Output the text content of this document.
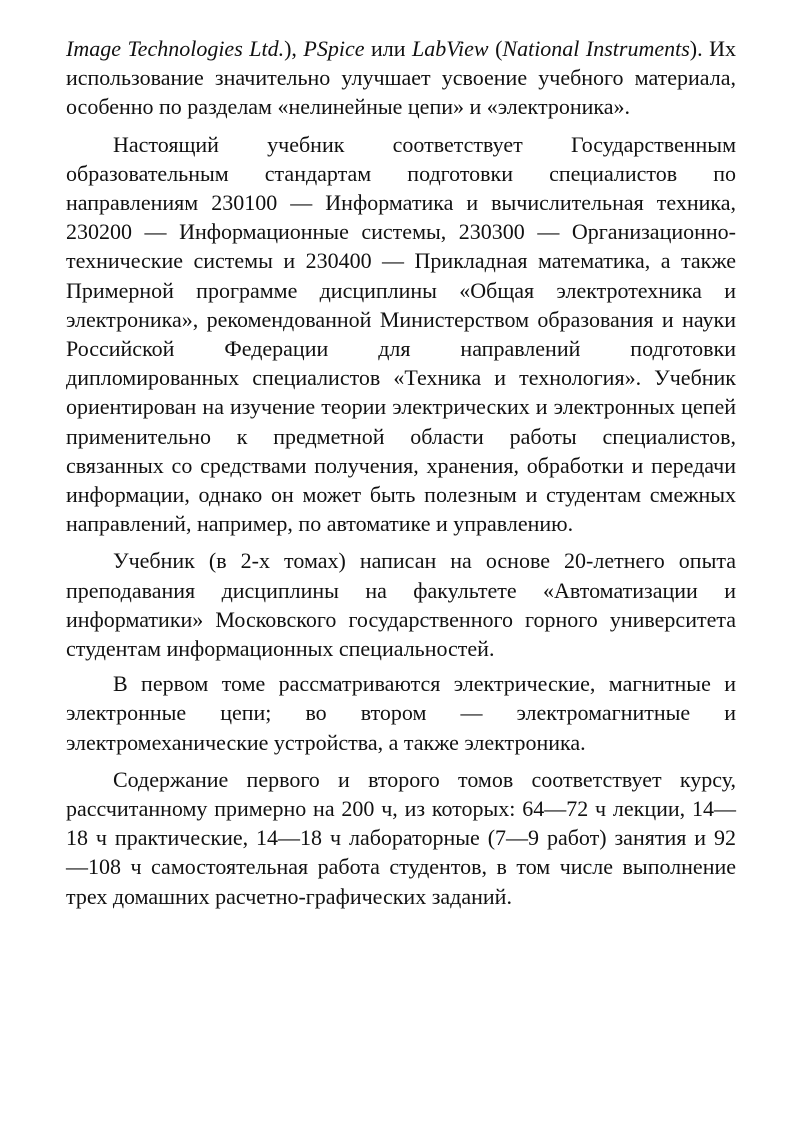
Image Technologies Ltd.), PSpice или LabView (National Instruments). Их использование значительно улучшает усвоение учебного материала, особенно по разделам «нелинейные цепи» и «электроника».

Настоящий учебник соответствует Государственным образовательным стандартам подготовки специалистов по направлениям 230100 — Информатика и вычислительная техника, 230200 — Информационные системы, 230300 — Организационно-технические системы и 230400 — Прикладная математика, а также Примерной программе дисциплины «Общая электротехника и электроника», рекомендованной Министерством образования и науки Российской Федерации для направлений подготовки дипломированных специалистов «Техника и технология». Учебник ориентирован на изучение теории электрических и электронных цепей применительно к предметной области работы специалистов, связанных со средствами получения, хранения, обработки и передачи информации, однако он может быть полезным и студентам смежных направлений, например, по автоматике и управлению.

Учебник (в 2-х томах) написан на основе 20-летнего опыта преподавания дисциплины на факультете «Автоматизации и информатики» Московского государственного горного университета студентам информационных специальностей.

В первом томе рассматриваются электрические, магнитные и электронные цепи; во втором — электромагнитные и электромеханические устройства, а также электроника.

Содержание первого и второго томов соответствует курсу, рассчитанному примерно на 200 ч, из которых: 64—72 ч лекции, 14—18 ч практические, 14—18 ч лабораторные (7—9 работ) занятия и 92 —108 ч самостоятельная работа студентов, в том числе выполнение трех домашних расчетно-графических заданий.
